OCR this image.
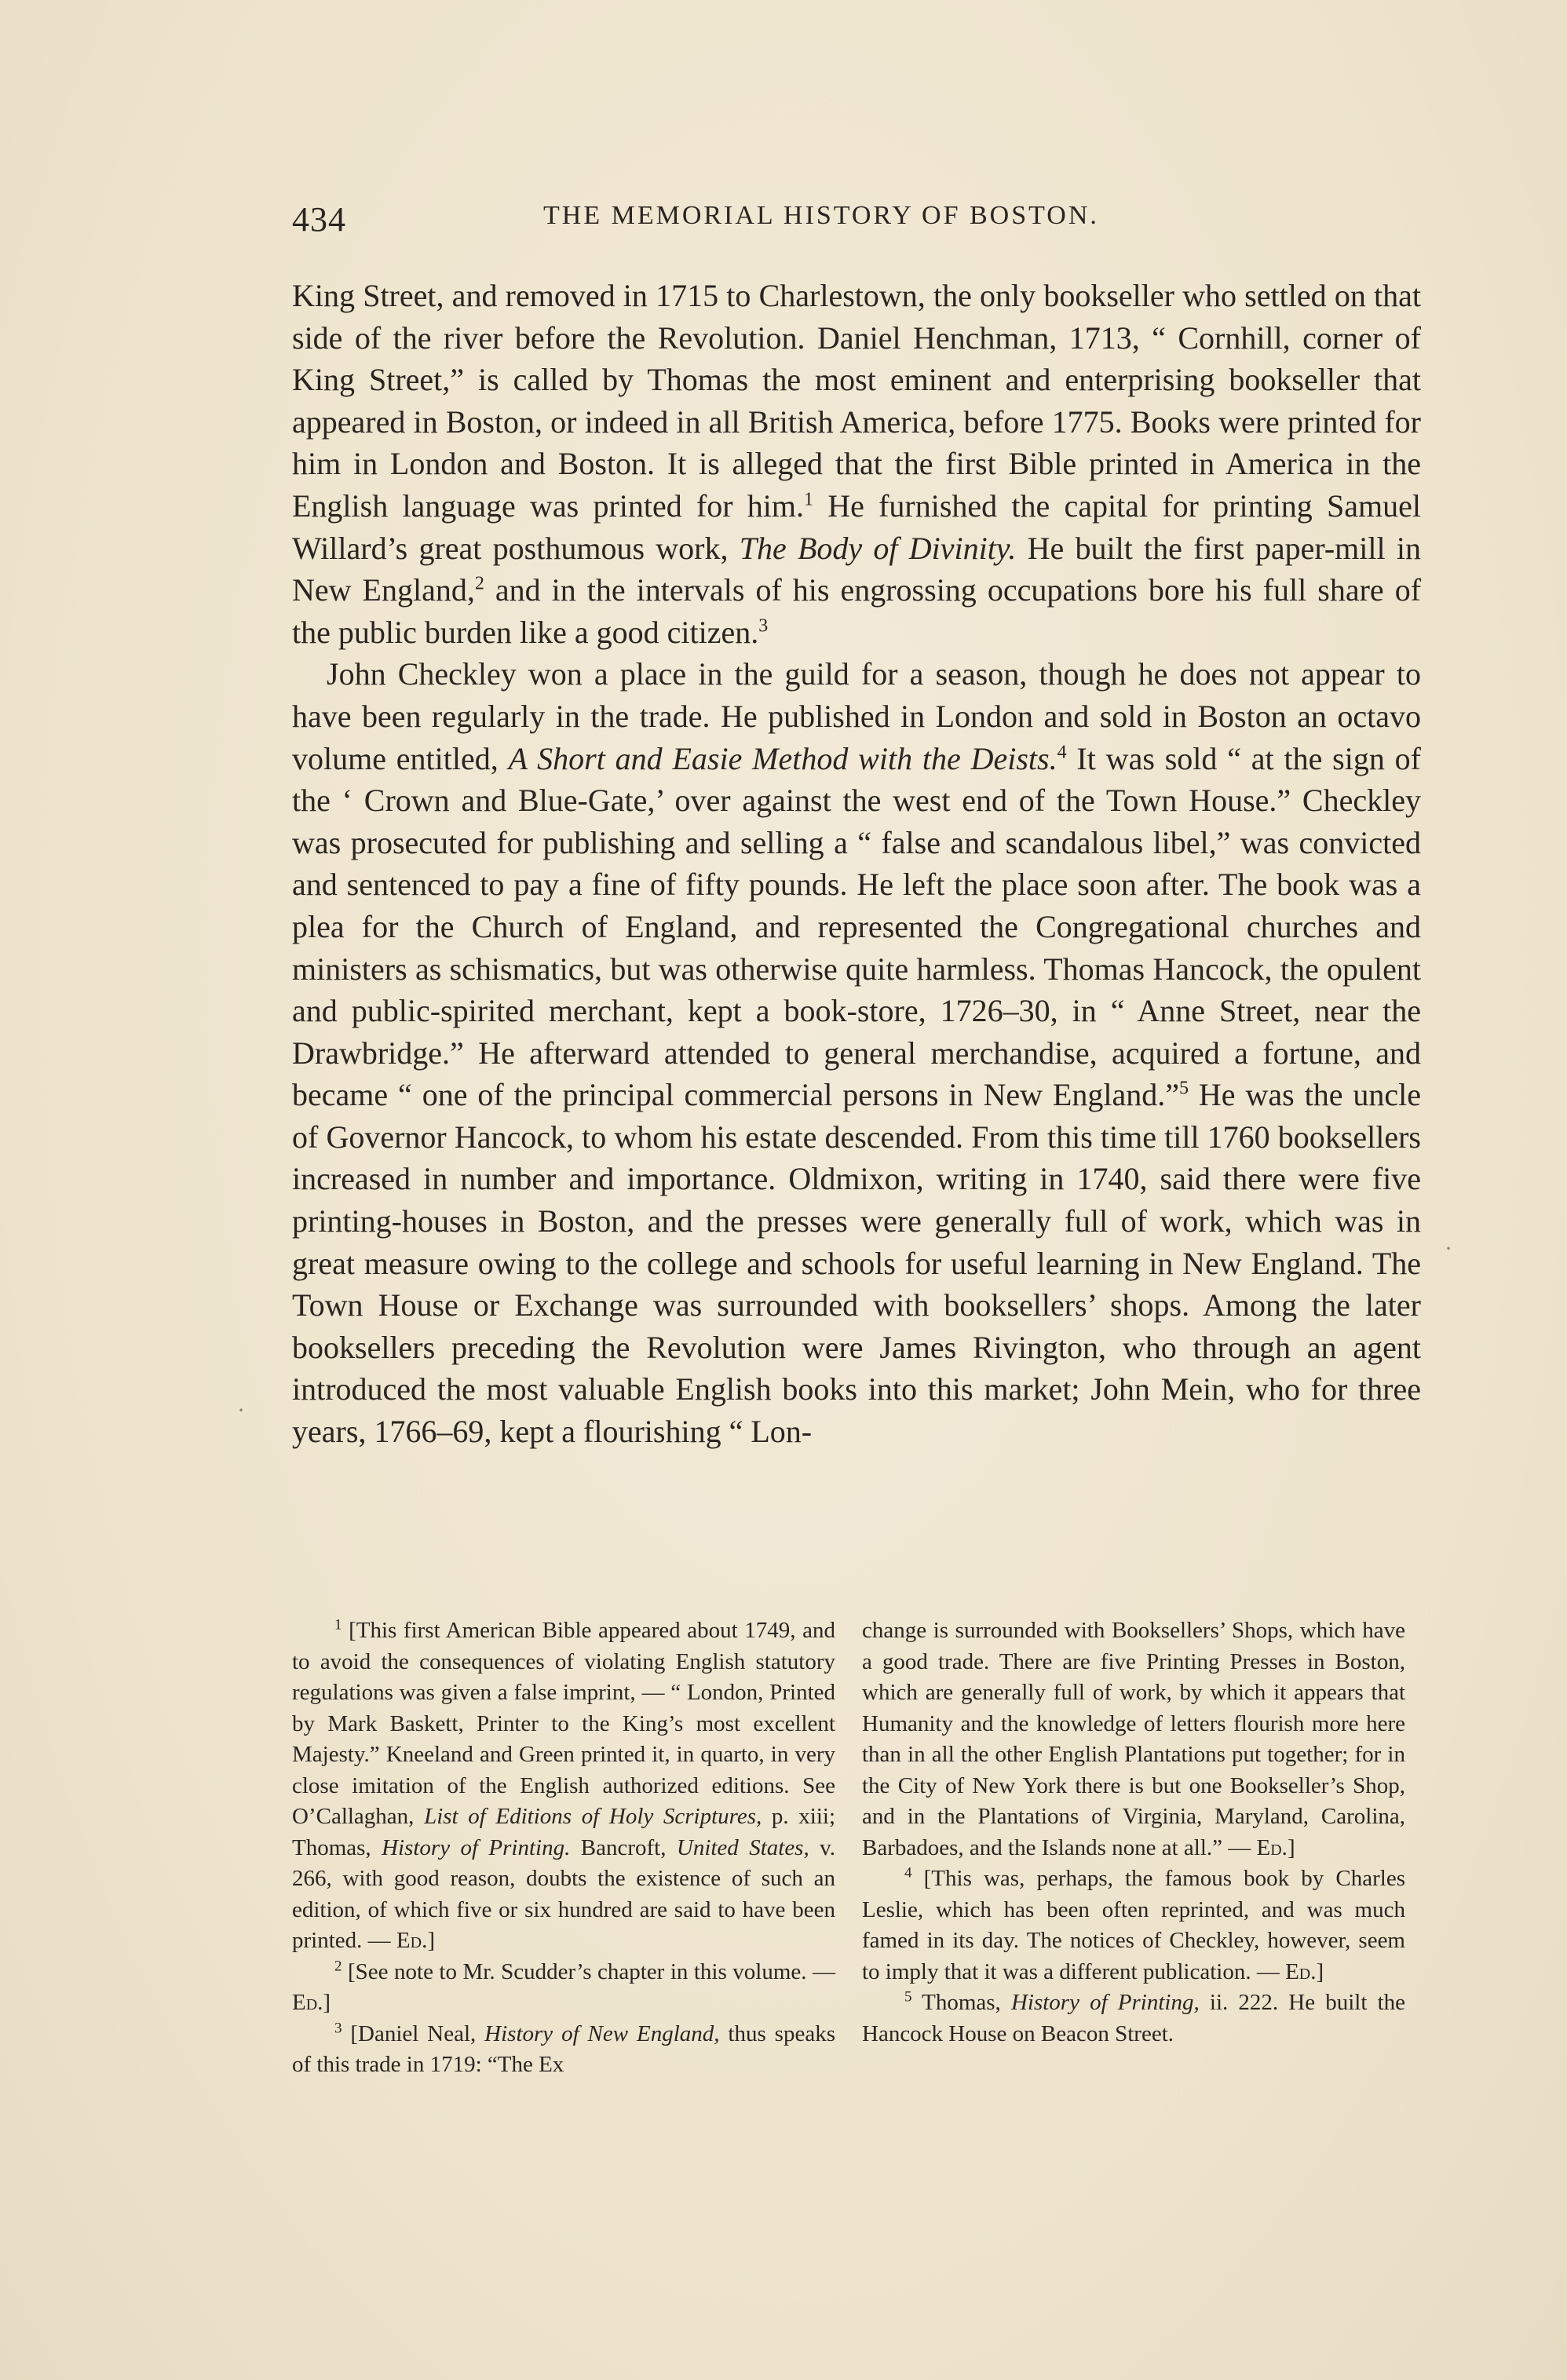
434	THE MEMORIAL HISTORY OF BOSTON.

King Street, and removed in 1715 to Charlestown, the only bookseller who settled on that side of the river before the Revolution. Daniel Henchman, 1713, “ Cornhill, corner of King Street,” is called by Thomas the most eminent and enterprising bookseller that appeared in Boston, or indeed in all British America, before 1775. Books were printed for him in London and Boston. It is alleged that the first Bible printed in America in the English language was printed for him.$^1$ He furnished the capital for printing Samuel Willard’s great posthumous work, The Body of Divinity. He built the first paper-mill in New England,$^2$ and in the intervals of his engrossing occupations bore his full share of the public burden like a good citizen.$^3$

John Checkley won a place in the guild for a season, though he does not appear to have been regularly in the trade. He published in London and sold in Boston an octavo volume entitled, A Short and Easie Method with the Deists.$^4$ It was sold “ at the sign of the ‘ Crown and Blue-Gate,’ over against the west end of the Town House.” Checkley was prosecuted for publishing and selling a “ false and scandalous libel,” was convicted and sentenced to pay a fine of fifty pounds. He left the place soon after. The book was a plea for the Church of England, and represented the Congregational churches and ministers as schismatics, but was otherwise quite harmless. Thomas Hancock, the opulent and public-spirited merchant, kept a book-store, 1726–30, in “ Anne Street, near the Drawbridge.” He afterward attended to general merchandise, acquired a fortune, and became “ one of the principal commercial persons in New England.”$^5$ He was the uncle of Governor Hancock, to whom his estate descended. From this time till 1760 booksellers increased in number and importance. Oldmixon, writing in 1740, said there were five printing-houses in Boston, and the presses were generally full of work, which was in great measure owing to the college and schools for useful learning in New England. The Town House or Exchange was surrounded with booksellers’ shops. Among the later booksellers preceding the Revolution were James Rivington, who through an agent introduced the most valuable English books into this market; John Mein, who for three years, 1766–69, kept a flourishing “ Lon-

$^1$ [This first American Bible appeared about 1749, and to avoid the consequences of violating English statutory regulations was given a false imprint, — “ London, Printed by Mark Baskett, Printer to the King’s most excellent Majesty.” Kneeland and Green printed it, in quarto, in very close imitation of the English authorized editions. See O’Callaghan, List of Editions of Holy Scriptures, p. xiii; Thomas, History of Printing. Bancroft, United States, v. 266, with good reason, doubts the existence of such an edition, of which five or six hundred are said to have been printed. — Ed.]

$^2$ [See note to Mr. Scudder’s chapter in this volume. — Ed.]

$^3$ [Daniel Neal, History of New England, thus speaks of this trade in 1719: “The Ex

change is surrounded with Booksellers’ Shops, which have a good trade. There are five Printing Presses in Boston, which are generally full of work, by which it appears that Humanity and the knowledge of letters flourish more here than in all the other English Plantations put together; for in the City of New York there is but one Bookseller’s Shop, and in the Plantations of Virginia, Maryland, Carolina, Barbadoes, and the Islands none at all.” — Ed.]

$^4$ [This was, perhaps, the famous book by Charles Leslie, which has been often reprinted, and was much famed in its day. The notices of Checkley, however, seem to imply that it was a different publication. — Ed.]

$^5$ Thomas, History of Printing, ii. 222. He built the Hancock House on Beacon Street.

·
·
